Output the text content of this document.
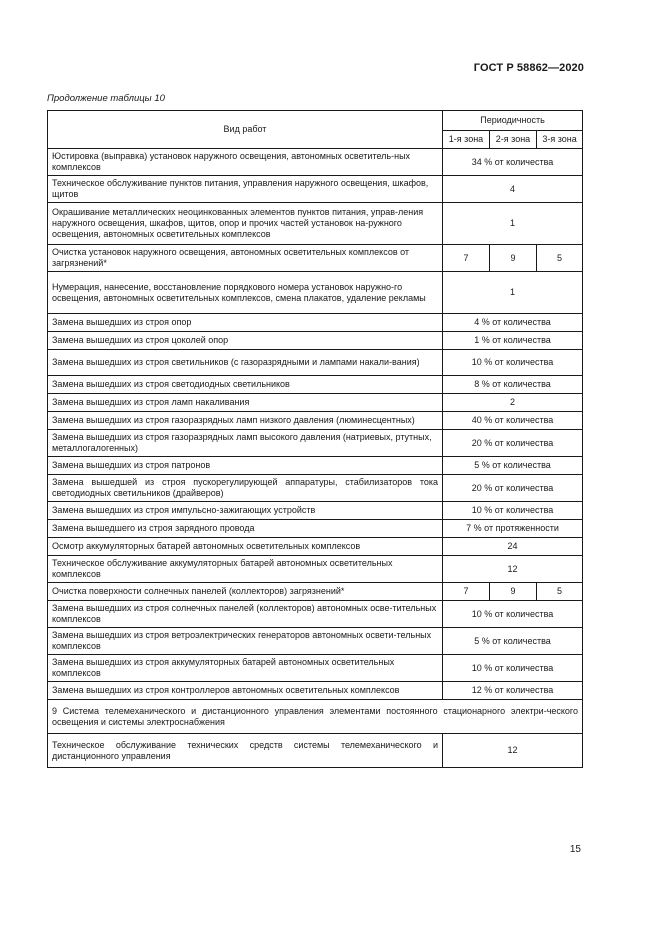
ГОСТ Р 58862—2020
Продолжение таблицы 10
Вид работ	Периодичность		
	1-я зона	2-я зона	3-я зона
Юстировка (выправка) установок наружного освещения, автономных осветитель-ных комплексов	34 % от количества		
Техническое обслуживание пунктов питания, управления наружного освещения, шкафов, щитов	4		
Окрашивание металлических неоцинкованных элементов пунктов питания, управ-ления наружного освещения, шкафов, щитов, опор и прочих частей установок на-ружного освещения, автономных осветительных комплексов	1		
Очистка установок наружного освещения, автономных осветительных комплексов от загрязнений*	7	9	5
Нумерация, нанесение, восстановление порядкового номера установок наружно-го освещения, автономных осветительных комплексов, смена плакатов, удаление рекламы	1		
Замена вышедших из строя опор	4 % от количества		
Замена вышедших из строя цоколей опор	1 % от количества		
Замена вышедших из строя светильников (с газоразрядными и лампами накали-вания)	10 % от количества		
Замена вышедших из строя светодиодных светильников	8 % от количества		
Замена вышедших из строя ламп накаливания	2		
Замена вышедших из строя газоразрядных ламп низкого давления (люминесцентных)	40 % от количества		
Замена вышедших из строя газоразрядных ламп высокого давления (натриевых, ртутных, металлогалогенных)	20 % от количества		
Замена вышедших из строя патронов	5 % от количества		
Замена вышедшей из строя пускорегулирующей аппаратуры, стабилизаторов тока светодиодных светильников (драйверов)	20 % от количества		
Замена вышедших из строя импульсно-зажигающих устройств	10 % от количества		
Замена вышедшего из строя зарядного провода	7 % от протяженности		
Осмотр аккумуляторных батарей автономных осветительных комплексов	24		
Техническое обслуживание аккумуляторных батарей автономных осветительных комплексов	12		
Очистка поверхности солнечных панелей (коллекторов) загрязнений*	7	9	5
Замена вышедших из строя солнечных панелей (коллекторов) автономных осве-тительных комплексов	10 % от количества		
Замена вышедших из строя ветроэлектрических генераторов автономных освети-тельных комплексов	5 % от количества		
Замена вышедших из строя аккумуляторных батарей автономных осветительных комплексов	10 % от количества		
Замена вышедших из строя контроллеров автономных осветительных комплексов	12 % от количества		
9 Система телемеханического и дистанционного управления элементами постоянного стационарного электри-ческого освещения и системы электроснабжения			
Техническое обслуживание технических средств системы телемеханического и дистанционного управления	12		
15
